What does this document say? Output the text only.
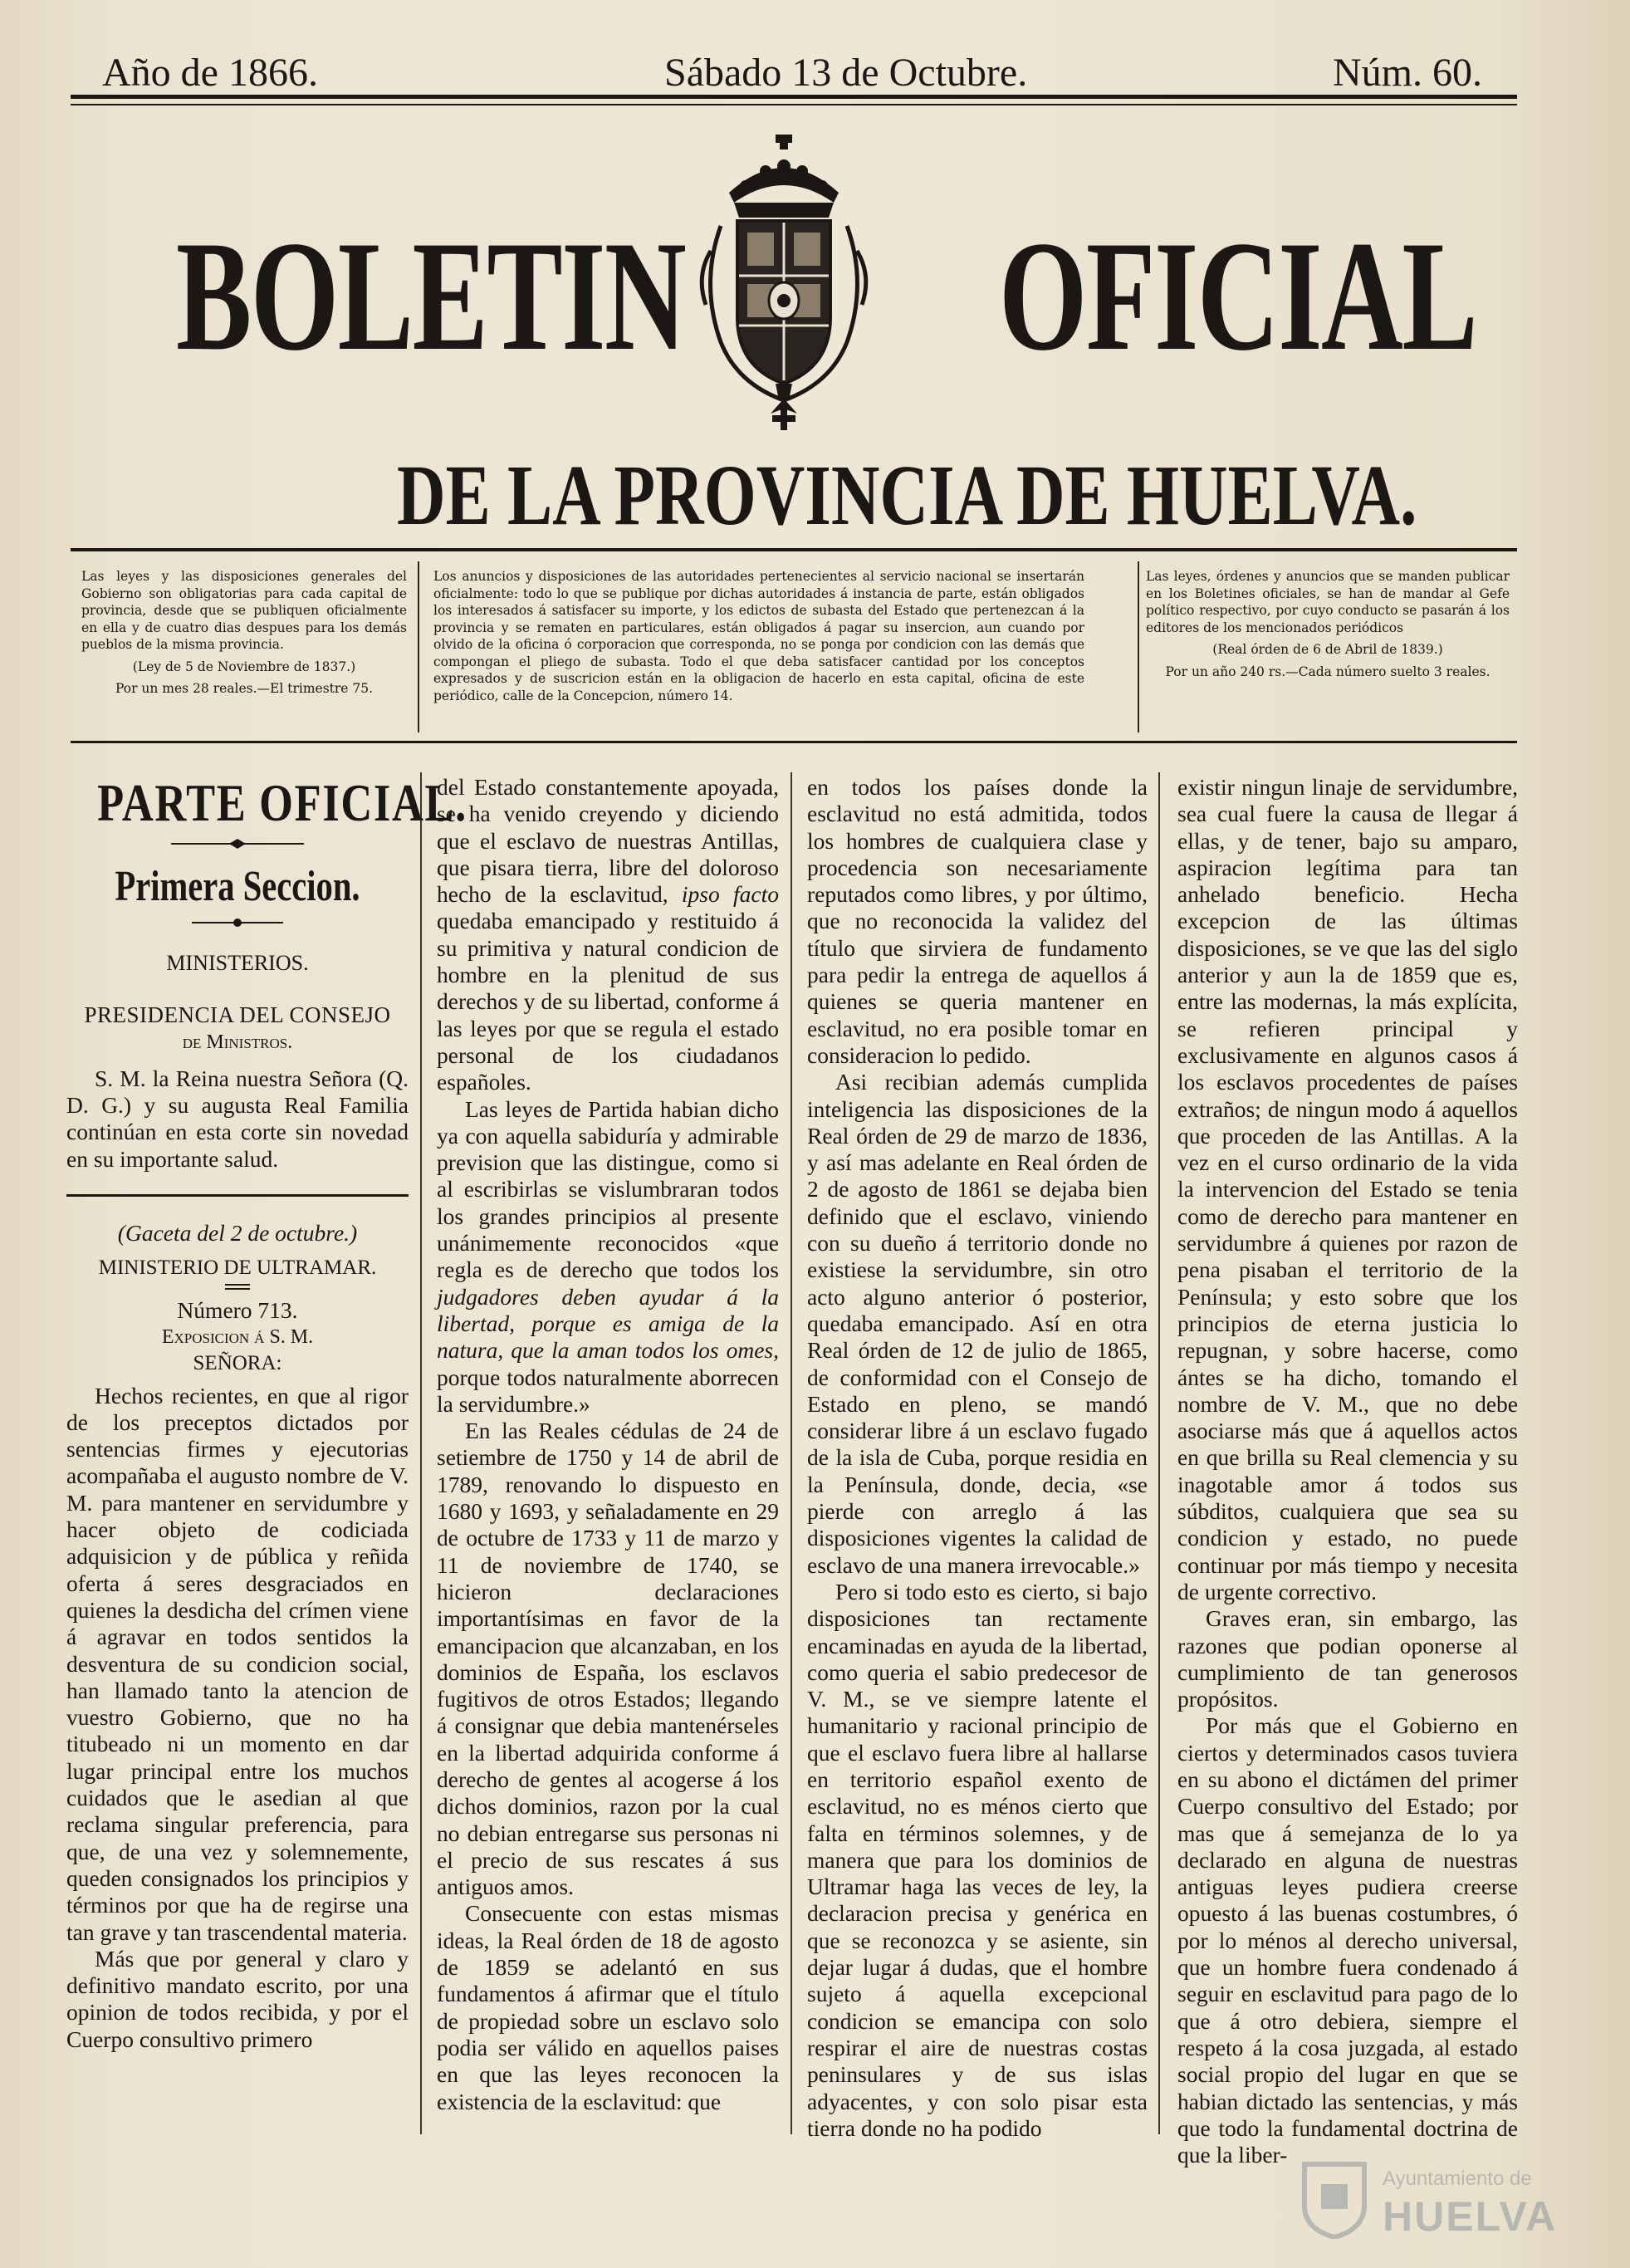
Año de 1866.	Sábado 13 de Octubre.	Núm. 60.
BOLETIN OFICIAL
DE LA PROVINCIA DE HUELVA.

Las leyes y las disposiciones generales del Gobierno son obligatorias para cada capital de provincia, desde que se publiquen oficialmente en ella y de cuatro dias despues para los demás pueblos de la misma provincia.

(Ley de 5 de Noviembre de 1837.)

Por un mes 28 reales.—El trimestre 75.

Los anuncios y disposiciones de las autoridades pertenecientes al servicio nacional se insertarán oficialmente: todo lo que se publique por dichas autoridades á instancia de parte, están obligados los interesados á satisfacer su importe, y los edictos de subasta del Estado que pertenezcan á la provincia y se rematen en particulares, están obligados á pagar su insercion, aun cuando por olvido de la oficina ó corporacion que corresponda, no se ponga por condicion con las demás que compongan el pliego de subasta. Todo el que deba satisfacer cantidad por los conceptos expresados y de suscricion están en la obligacion de hacerlo en esta capital, oficina de este periódico, calle de la Concepcion, número 14.

Las leyes, órdenes y anuncios que se manden publicar en los Boletines oficiales, se han de mandar al Gefe político respectivo, por cuyo conducto se pasarán á los editores de los mencionados periódicos

(Real órden de 6 de Abril de 1839.)

Por un año 240 rs.—Cada número suelto 3 reales.

PARTE OFICIAL.
Primera Seccion.
MINISTERIOS.
PRESIDENCIA DEL CONSEJO
de Ministros.

S. M. la Reina nuestra Señora (Q. D. G.) y su augusta Real Familia continúan en esta corte sin novedad en su importante salud.

(Gaceta del 2 de octubre.)
MINISTERIO DE ULTRAMAR.
Número 713.
Exposicion á S. M.
SEÑORA:

Hechos recientes, en que al rigor de los preceptos dictados por sentencias firmes y ejecutorias acompañaba el augusto nombre de V. M. para mantener en servidumbre y hacer objeto de codiciada adquisicion y de pública y reñida oferta á seres desgraciados en quienes la desdicha del crímen viene á agravar en todos sentidos la desventura de su condicion social, han llamado tanto la atencion de vuestro Gobierno, que no ha titubeado ni un momento en dar lugar principal entre los muchos cuidados que le asedian al que reclama singular preferencia, para que, de una vez y solemnemente, queden consignados los principios y términos por que ha de regirse una tan grave y tan trascendental materia.

Más que por general y claro y definitivo mandato escrito, por una opinion de todos recibida, y por el Cuerpo consultivo primero

del Estado constantemente apoyada, se ha venido creyendo y diciendo que el esclavo de nuestras Antillas, que pisara tierra, libre del doloroso hecho de la esclavitud, ipso facto quedaba emancipado y restituido á su primitiva y natural condicion de hombre en la plenitud de sus derechos y de su libertad, conforme á las leyes por que se regula el estado personal de los ciudadanos españoles.

Las leyes de Partida habian dicho ya con aquella sabiduría y admirable prevision que las distingue, como si al escribirlas se vislumbraran todos los grandes principios al presente unánimemente reconocidos «que regla es de derecho que todos los judgadores deben ayudar á la libertad, porque es amiga de la natura, que la aman todos los omes, porque todos naturalmente aborrecen la servidumbre.»

En las Reales cédulas de 24 de setiembre de 1750 y 14 de abril de 1789, renovando lo dispuesto en 1680 y 1693, y señaladamente en 29 de octubre de 1733 y 11 de marzo y 11 de noviembre de 1740, se hicieron declaraciones importantísimas en favor de la emancipacion que alcanzaban, en los dominios de España, los esclavos fugitivos de otros Estados; llegando á consignar que debia mantenérseles en la libertad adquirida conforme á derecho de gentes al acogerse á los dichos dominios, razon por la cual no debian entregarse sus personas ni el precio de sus rescates á sus antiguos amos.

Consecuente con estas mismas ideas, la Real órden de 18 de agosto de 1859 se adelantó en sus fundamentos á afirmar que el título de propiedad sobre un esclavo solo podia ser válido en aquellos paises en que las leyes reconocen la existencia de la esclavitud: que

en todos los países donde la esclavitud no está admitida, todos los hombres de cualquiera clase y procedencia son necesariamente reputados como libres, y por último, que no reconocida la validez del título que sirviera de fundamento para pedir la entrega de aquellos á quienes se queria mantener en esclavitud, no era posible tomar en consideracion lo pedido.

Asi recibian además cumplida inteligencia las disposiciones de la Real órden de 29 de marzo de 1836, y así mas adelante en Real órden de 2 de agosto de 1861 se dejaba bien definido que el esclavo, viniendo con su dueño á territorio donde no existiese la servidumbre, sin otro acto alguno anterior ó posterior, quedaba emancipado. Así en otra Real órden de 12 de julio de 1865, de conformidad con el Consejo de Estado en pleno, se mandó considerar libre á un esclavo fugado de la isla de Cuba, porque residia en la Península, donde, decia, «se pierde con arreglo á las disposiciones vigentes la calidad de esclavo de una manera irrevocable.»

Pero si todo esto es cierto, si bajo disposiciones tan rectamente encaminadas en ayuda de la libertad, como queria el sabio predecesor de V. M., se ve siempre latente el humanitario y racional principio de que el esclavo fuera libre al hallarse en territorio español exento de esclavitud, no es ménos cierto que falta en términos solemnes, y de manera que para los dominios de Ultramar haga las veces de ley, la declaracion precisa y genérica en que se reconozca y se asiente, sin dejar lugar á dudas, que el hombre sujeto á aquella excepcional condicion se emancipa con solo respirar el aire de nuestras costas peninsulares y de sus islas adyacentes, y con solo pisar esta tierra donde no ha podido

existir ningun linaje de servidumbre, sea cual fuere la causa de llegar á ellas, y de tener, bajo su amparo, aspiracion legítima para tan anhelado beneficio. Hecha excepcion de las últimas disposiciones, se ve que las del siglo anterior y aun la de 1859 que es, entre las modernas, la más explícita, se refieren principal y exclusivamente en algunos casos á los esclavos procedentes de países extraños; de ningun modo á aquellos que proceden de las Antillas. A la vez en el curso ordinario de la vida la intervencion del Estado se tenia como de derecho para mantener en servidumbre á quienes por razon de pena pisaban el territorio de la Península; y esto sobre que los principios de eterna justicia lo repugnan, y sobre hacerse, como ántes se ha dicho, tomando el nombre de V. M., que no debe asociarse más que á aquellos actos en que brilla su Real clemencia y su inagotable amor á todos sus súbditos, cualquiera que sea su condicion y estado, no puede continuar por más tiempo y necesita de urgente correctivo.

Graves eran, sin embargo, las razones que podian oponerse al cumplimiento de tan generosos propósitos.

Por más que el Gobierno en ciertos y determinados casos tuviera en su abono el dictámen del primer Cuerpo consultivo del Estado; por mas que á semejanza de lo ya declarado en alguna de nuestras antiguas leyes pudiera creerse opuesto á las buenas costumbres, ó por lo ménos al derecho universal, que un hombre fuera condenado á seguir en esclavitud para pago de lo que á otro debiera, siempre el respeto á la cosa juzgada, al estado social propio del lugar en que se habian dictado las sentencias, y más que todo la fundamental doctrina de que la liber-

Ayuntamiento de
HUELVA
